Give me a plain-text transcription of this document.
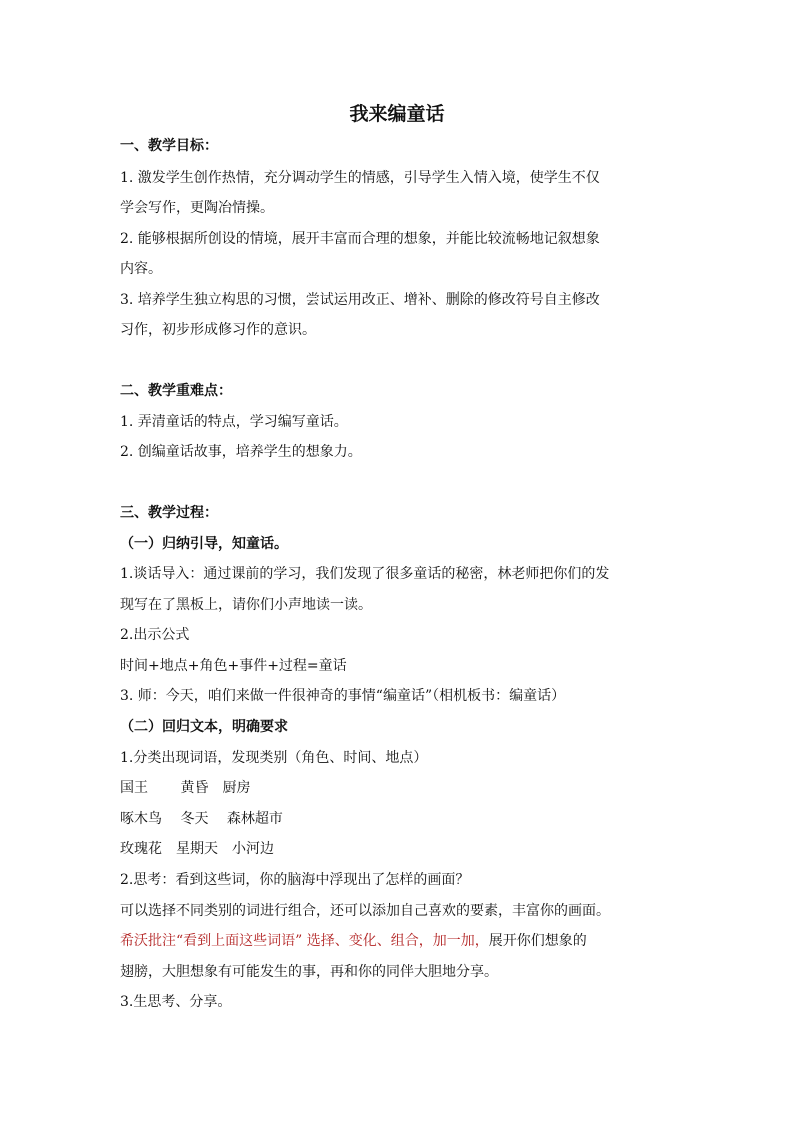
我来编童话
一、教学目标：
1. 激发学生创作热情，充分调动学生的情感，引导学生入情入境，使学生不仅
学会写作，更陶冶情操。
2. 能够根据所创设的情境，展开丰富而合理的想象，并能比较流畅地记叙想象
内容。
3. 培养学生独立构思的习惯，尝试运用改正、增补、删除的修改符号自主修改
习作，初步形成修习作的意识。
二、教学重难点：
1. 弄清童话的特点，学习编写童话。
2. 创编童话故事，培养学生的想象力。
三、教学过程：
（一）归纳引导，知童话。
1.谈话导入：通过课前的学习，我们发现了很多童话的秘密，林老师把你们的发
现写在了黑板上，请你们小声地读一读。
2.出示公式
时间+地点+角色+事件+过程=童话
3. 师：今天，咱们来做一件很神奇的事情“编童话”（相机板书：编童话）
（二）回归文本，明确要求
1.分类出现词语，发现类别（角色、时间、地点）
国王　　 黄昏　厨房
啄木鸟　 冬天　 森林超市
玫瑰花　星期天　小河边
2.思考：看到这些词，你的脑海中浮现出了怎样的画面？
可以选择不同类别的词进行组合，还可以添加自己喜欢的要素，丰富你的画面。
希沃批注“看到上面这些词语” 选择、变化、组合，加一加，展开你们想象的
翅膀，大胆想象有可能发生的事，再和你的同伴大胆地分享。
3.生思考、分享。
